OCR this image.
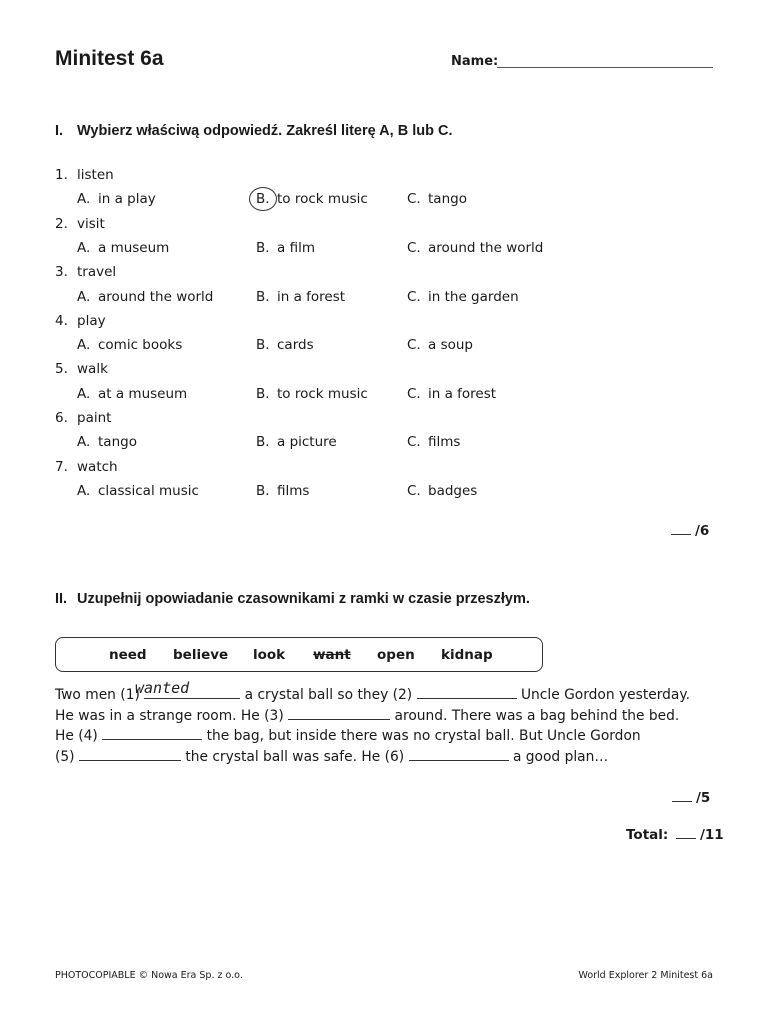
Minitest 6a	Name:
I. Wybierz właściwą odpowiedź. Zakreśl literę A, B lub C.
1. listen
A. in a play	B. to rock music	C. tango
2. visit
A. a museum	B. a film	C. around the world
3. travel
A. around the world	B. in a forest	C. in the garden
4. play
A. comic books	B. cards	C. a soup
5. walk
A. at a museum	B. to rock music	C. in a forest
6. paint
A. tango	B. a picture	C. films
7. watch
A. classical music	B. films	C. badges
/6
II. Uzupełnij opowiadanie czasownikami z ramki w czasie przeszłym.
need believe look want open kidnap
Two men (1)	a crystal ball so they (2)	Uncle Gordon yesterday.
wanted
He was in a strange room. He (3)	around. There was a bag behind the bed.
He (4)	the bag, but inside there was no crystal ball. But Uncle Gordon
(5)	the crystal ball was safe. He (6)	a good plan…
/5
Total: /11
PHOTOCOPIABLE © Nowa Era Sp. z o.o.	World Explorer 2 Minitest 6a
